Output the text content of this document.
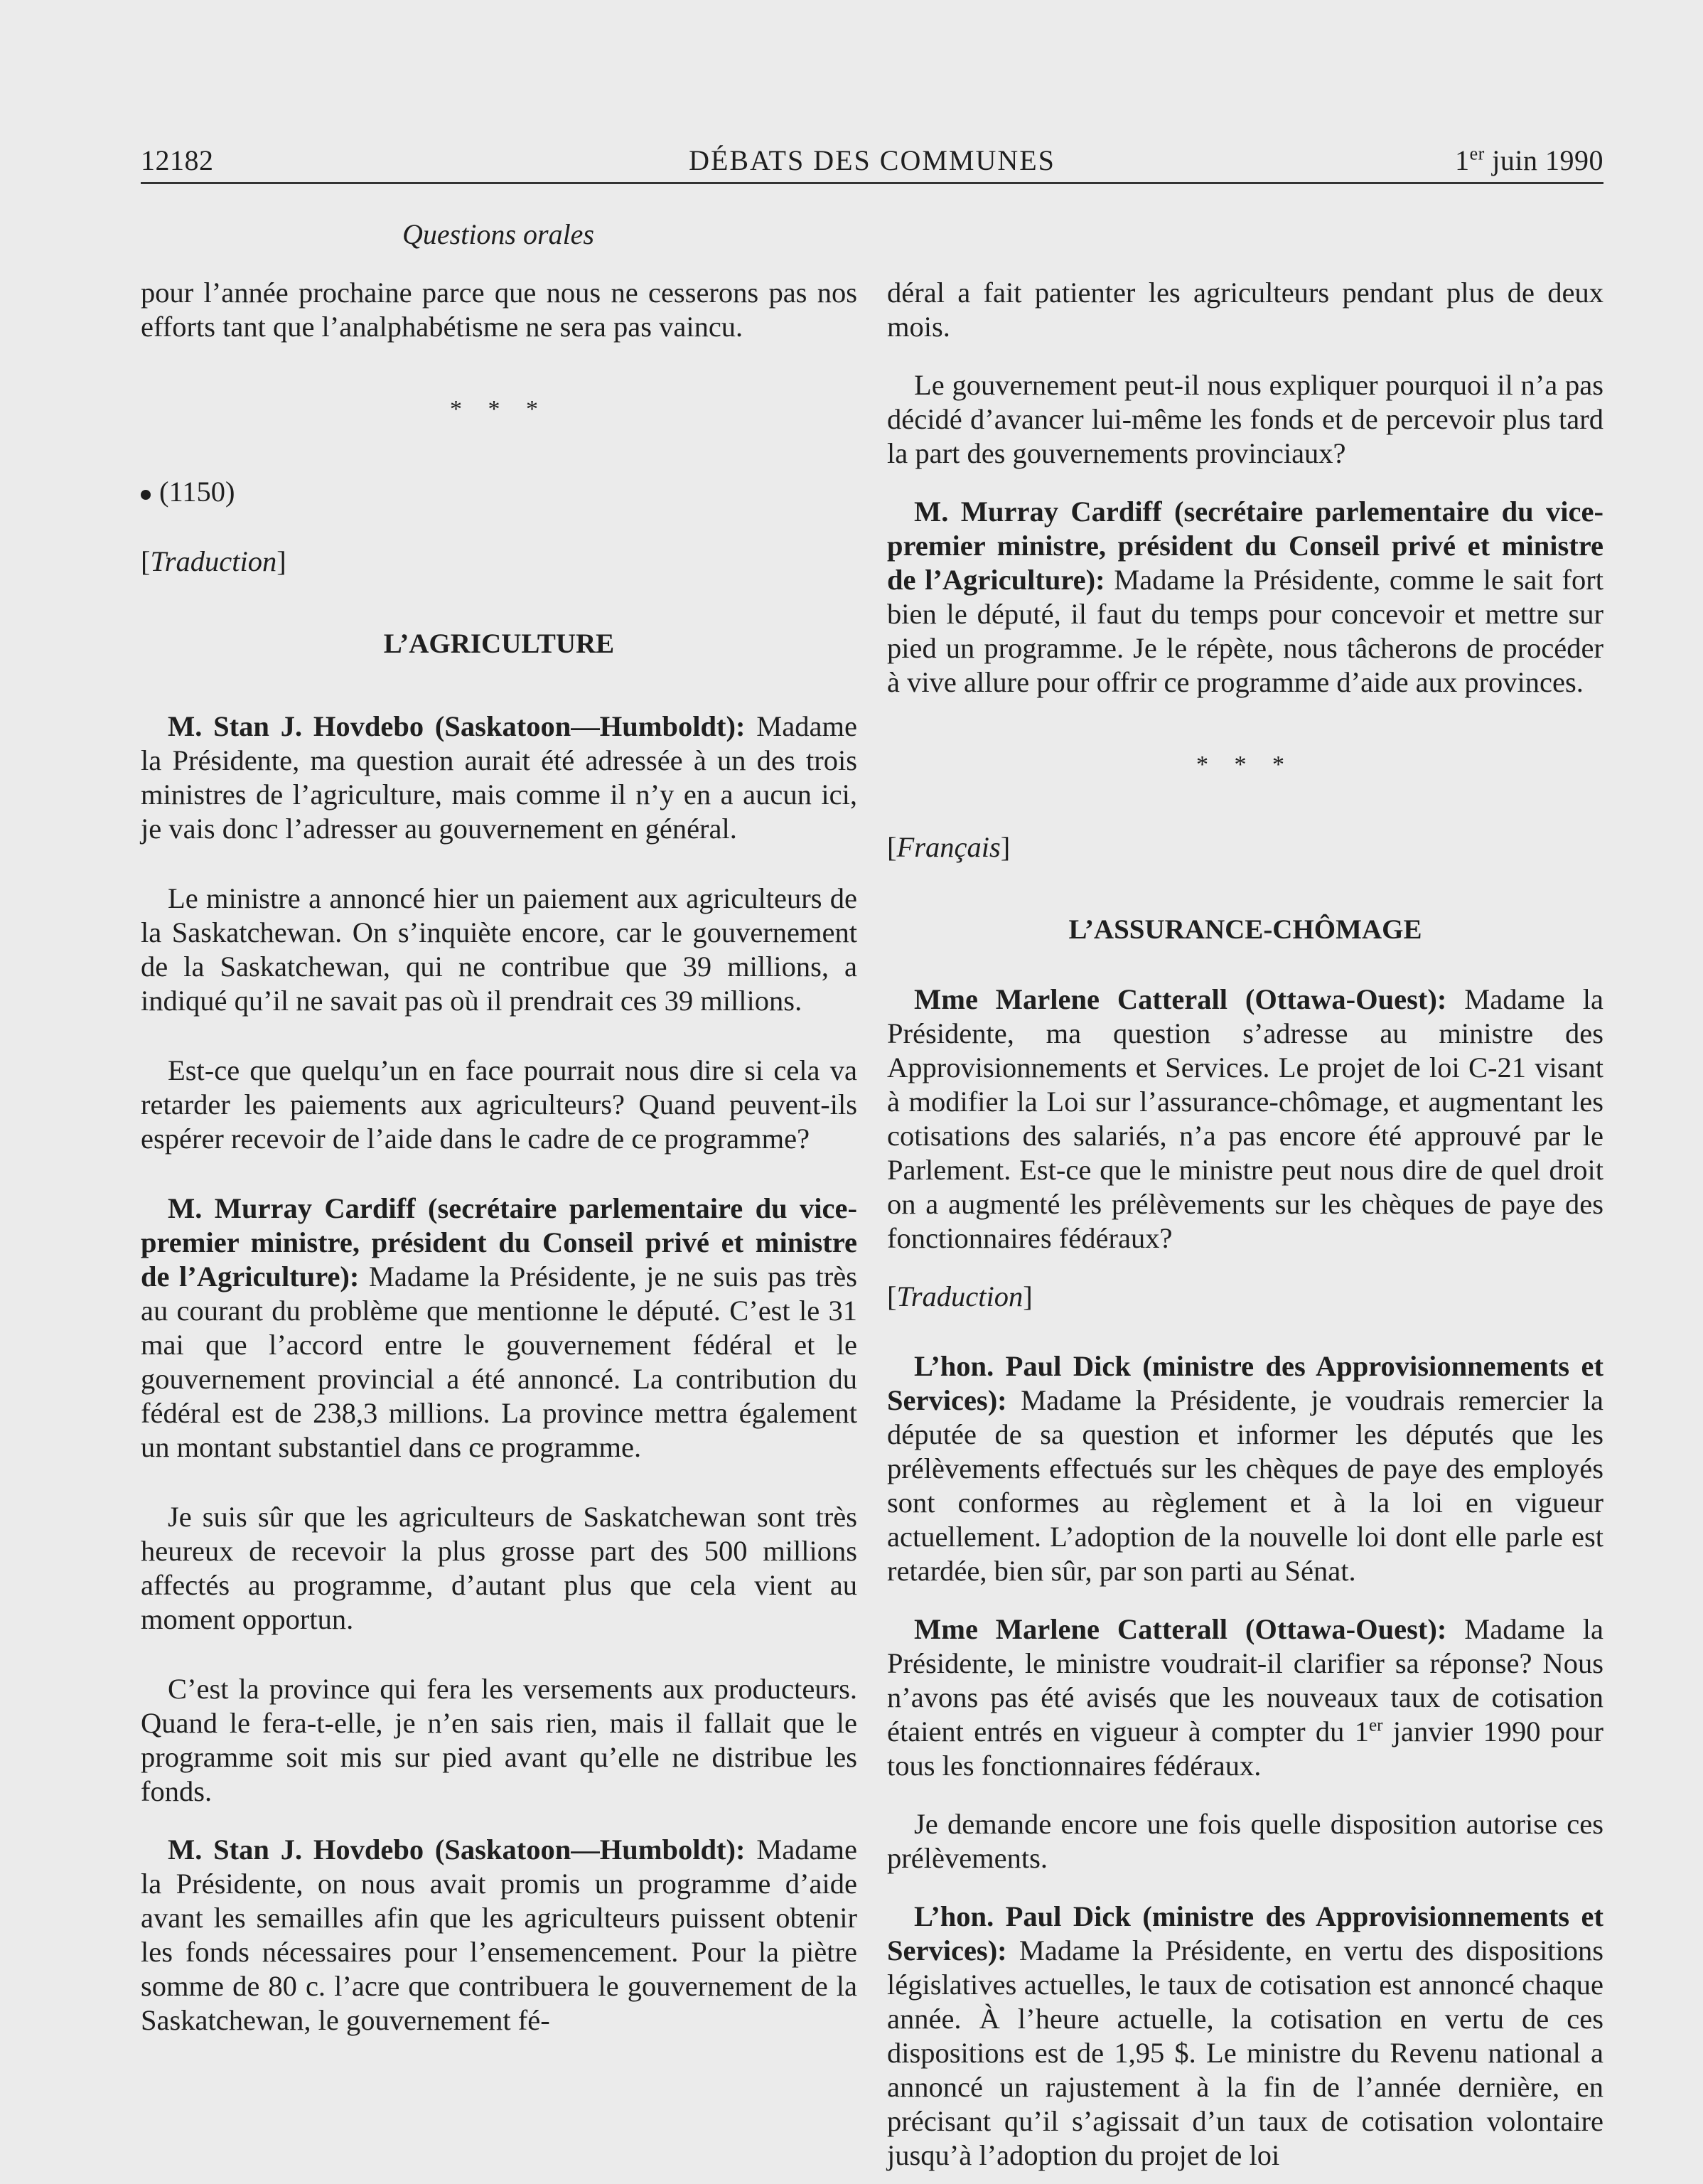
12182	DÉBATS DES COMMUNES	1er juin 1990
Questions orales

pour l’année prochaine parce que nous ne cesserons pas nos efforts tant que l’analphabétisme ne sera pas vaincu.

* * *

(1150)

[Traduction]

L’AGRICULTURE

M. Stan J. Hovdebo (Saskatoon—Humboldt): Madame la Présidente, ma question aurait été adressée à un des trois ministres de l’agriculture, mais comme il n’y en a aucun ici, je vais donc l’adresser au gouvernement en général.

Le ministre a annoncé hier un paiement aux agriculteurs de la Saskatchewan. On s’inquiète encore, car le gouvernement de la Saskatchewan, qui ne contribue que 39 millions, a indiqué qu’il ne savait pas où il prendrait ces 39 millions.

Est-ce que quelqu’un en face pourrait nous dire si cela va retarder les paiements aux agriculteurs? Quand peuvent-ils espérer recevoir de l’aide dans le cadre de ce programme?

M. Murray Cardiff (secrétaire parlementaire du vice-premier ministre, président du Conseil privé et ministre de l’Agriculture): Madame la Présidente, je ne suis pas très au courant du problème que mentionne le député. C’est le 31 mai que l’accord entre le gouvernement fédéral et le gouvernement provincial a été annoncé. La contribution du fédéral est de 238,3 millions. La province mettra également un montant substantiel dans ce programme.

Je suis sûr que les agriculteurs de Saskatchewan sont très heureux de recevoir la plus grosse part des 500 millions affectés au programme, d’autant plus que cela vient au moment opportun.

C’est la province qui fera les versements aux producteurs. Quand le fera-t-elle, je n’en sais rien, mais il fallait que le programme soit mis sur pied avant qu’elle ne distribue les fonds.

M. Stan J. Hovdebo (Saskatoon—Humboldt): Madame la Présidente, on nous avait promis un programme d’aide avant les semailles afin que les agriculteurs puissent obtenir les fonds nécessaires pour l’ensemencement. Pour la piètre somme de 80 c. l’acre que contribuera le gouvernement de la Saskatchewan, le gouvernement fé-

déral a fait patienter les agriculteurs pendant plus de deux mois.

Le gouvernement peut-il nous expliquer pourquoi il n’a pas décidé d’avancer lui-même les fonds et de percevoir plus tard la part des gouvernements provinciaux?

M. Murray Cardiff (secrétaire parlementaire du vice-premier ministre, président du Conseil privé et ministre de l’Agriculture): Madame la Présidente, comme le sait fort bien le député, il faut du temps pour concevoir et mettre sur pied un programme. Je le répète, nous tâcherons de procéder à vive allure pour offrir ce programme d’aide aux provinces.

* * *

[Français]

L’ASSURANCE-CHÔMAGE

Mme Marlene Catterall (Ottawa-Ouest): Madame la Présidente, ma question s’adresse au ministre des Approvisionnements et Services. Le projet de loi C-21 visant à modifier la Loi sur l’assurance-chômage, et augmentant les cotisations des salariés, n’a pas encore été approuvé par le Parlement. Est-ce que le ministre peut nous dire de quel droit on a augmenté les prélèvements sur les chèques de paye des fonctionnaires fédéraux?

[Traduction]

L’hon. Paul Dick (ministre des Approvisionnements et Services): Madame la Présidente, je voudrais remercier la députée de sa question et informer les députés que les prélèvements effectués sur les chèques de paye des employés sont conformes au règlement et à la loi en vigueur actuellement. L’adoption de la nouvelle loi dont elle parle est retardée, bien sûr, par son parti au Sénat.

Mme Marlene Catterall (Ottawa-Ouest): Madame la Présidente, le ministre voudrait-il clarifier sa réponse? Nous n’avons pas été avisés que les nouveaux taux de cotisation étaient entrés en vigueur à compter du 1er janvier 1990 pour tous les fonctionnaires fédéraux.

Je demande encore une fois quelle disposition autorise ces prélèvements.

L’hon. Paul Dick (ministre des Approvisionnements et Services): Madame la Présidente, en vertu des dispositions législatives actuelles, le taux de cotisation est annoncé chaque année. À l’heure actuelle, la cotisation en vertu de ces dispositions est de 1,95 $. Le ministre du Revenu national a annoncé un rajustement à la fin de l’année dernière, en précisant qu’il s’agissait d’un taux de cotisation volontaire jusqu’à l’adoption du projet de loi
